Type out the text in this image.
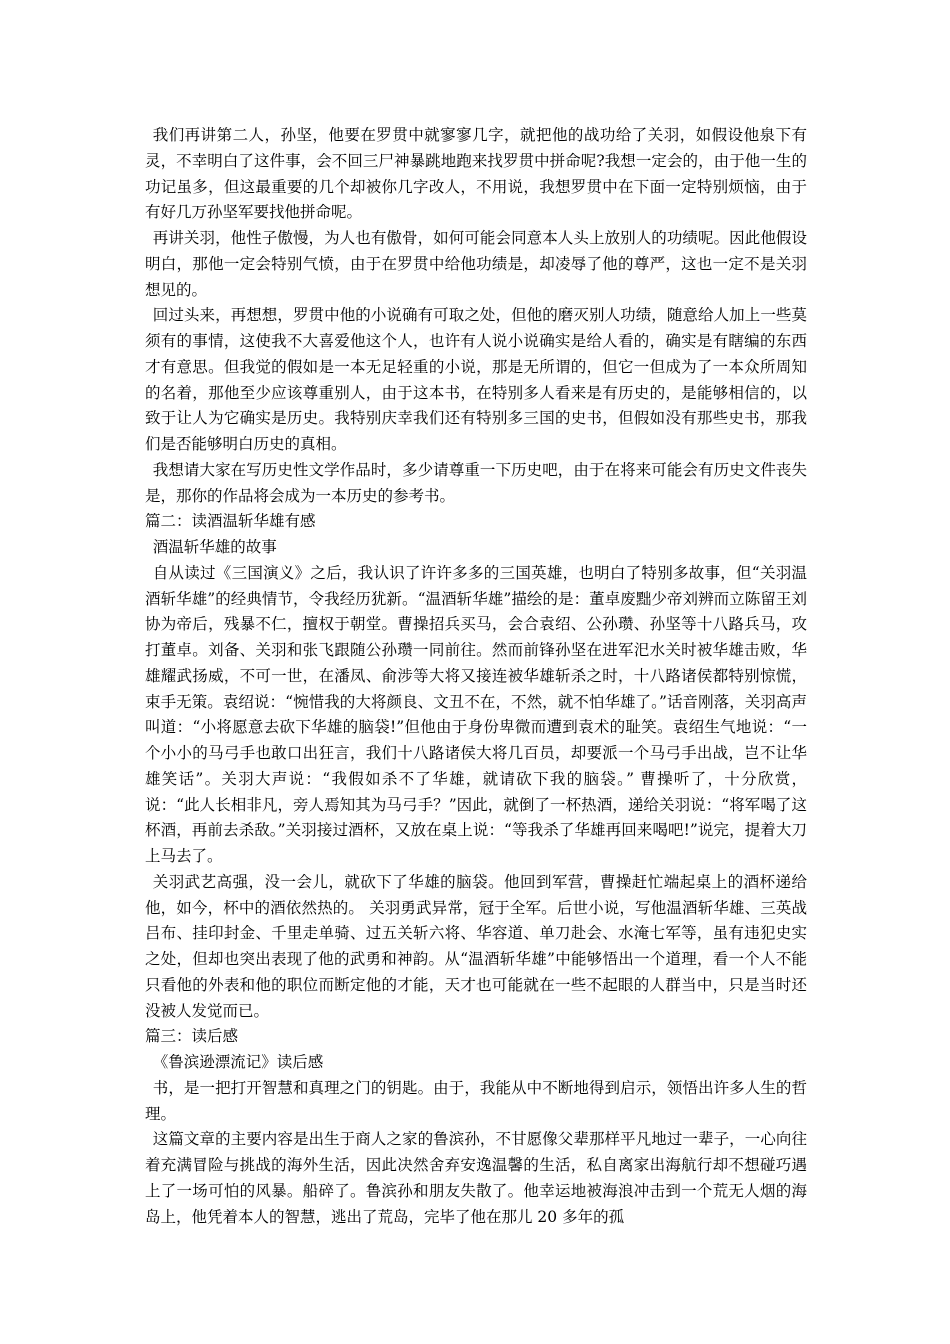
我们再讲第二人，孙坚，他要在罗贯中就寥寥几字，就把他的战功给了关羽，如假设他泉下有灵，不幸明白了这件事，会不回三尸神暴跳地跑来找罗贯中拼命呢?我想一定会的，由于他一生的功记虽多，但这最重要的几个却被你几字改人，不用说，我想罗贯中在下面一定特别烦恼，由于有好几万孙坚军要找他拼命呢。

再讲关羽，他性子傲慢，为人也有傲骨，如何可能会同意本人头上放别人的功绩呢。因此他假设明白，那他一定会特别气愤，由于在罗贯中给他功绩是，却凌辱了他的尊严，这也一定不是关羽想见的。

回过头来，再想想，罗贯中他的小说确有可取之处，但他的磨灭别人功绩，随意给人加上一些莫须有的事情，这使我不大喜爱他这个人，也许有人说小说确实是给人看的，确实是有瞎编的东西才有意思。但我觉的假如是一本无足轻重的小说，那是无所谓的，但它一但成为了一本众所周知的名着，那他至少应该尊重别人，由于这本书，在特别多人看来是有历史的，是能够相信的，以致于让人为它确实是历史。我特别庆幸我们还有特别多三国的史书，但假如没有那些史书，那我们是否能够明白历史的真相。

我想请大家在写历史性文学作品时，多少请尊重一下历史吧，由于在将来可能会有历史文件丧失是，那你的作品将会成为一本历史的参考书。

篇二：读酒温斩华雄有感

酒温斩华雄的故事

自从读过《三国演义》之后，我认识了许许多多的三国英雄，也明白了特别多故事，但“关羽温酒斩华雄”的经典情节，令我经历犹新。“温酒斩华雄”描绘的是：董卓废黜少帝刘辨而立陈留王刘协为帝后，残暴不仁，擅权于朝堂。曹操招兵买马，会合袁绍、公孙瓒、孙坚等十八路兵马，攻打董卓。刘备、关羽和张飞跟随公孙瓒一同前往。然而前锋孙坚在进军汜水关时被华雄击败，华雄耀武扬威，不可一世，在潘凤、俞涉等大将又接连被华雄斩杀之时，十八路诸侯都特别惊慌，束手无策。袁绍说：“惋惜我的大将颜良、文丑不在，不然，就不怕华雄了。”话音刚落，关羽高声叫道：“小将愿意去砍下华雄的脑袋!”但他由于身份卑微而遭到袁术的耻笑。袁绍生气地说：“一个小小的马弓手也敢口出狂言，我们十八路诸侯大将几百员，却要派一个马弓手出战，岂不让华雄笑话”。关羽大声说：“我假如杀不了华雄，就请砍下我的脑袋。” 曹操听了，十分欣赏，说：“此人长相非凡，旁人焉知其为马弓手？”因此，就倒了一杯热酒，递给关羽说：“将军喝了这杯酒，再前去杀敌。”关羽接过酒杯，又放在桌上说：“等我杀了华雄再回来喝吧!”说完，提着大刀上马去了。

关羽武艺高强，没一会儿，就砍下了华雄的脑袋。他回到军营，曹操赶忙端起桌上的酒杯递给他，如今，杯中的酒依然热的。 关羽勇武异常，冠于全军。后世小说，写他温酒斩华雄、三英战吕布、挂印封金、千里走单骑、过五关斩六将、华容道、单刀赴会、水淹七军等，虽有违犯史实之处，但却也突出表现了他的武勇和神韵。从“温酒斩华雄”中能够悟出一个道理，看一个人不能只看他的外表和他的职位而断定他的才能，天才也可能就在一些不起眼的人群当中，只是当时还没被人发觉而已。

篇三：读后感

《鲁滨逊漂流记》读后感

书，是一把打开智慧和真理之门的钥匙。由于，我能从中不断地得到启示，领悟出许多人生的哲理。

这篇文章的主要内容是出生于商人之家的鲁滨孙，不甘愿像父辈那样平凡地过一辈子，一心向往着充满冒险与挑战的海外生活，因此决然舍弃安逸温馨的生活，私自离家出海航行却不想碰巧遇上了一场可怕的风暴。船碎了。鲁滨孙和朋友失散了。他幸运地被海浪冲击到一个荒无人烟的海岛上，他凭着本人的智慧，逃出了荒岛，完毕了他在那儿 20 多年的孤
